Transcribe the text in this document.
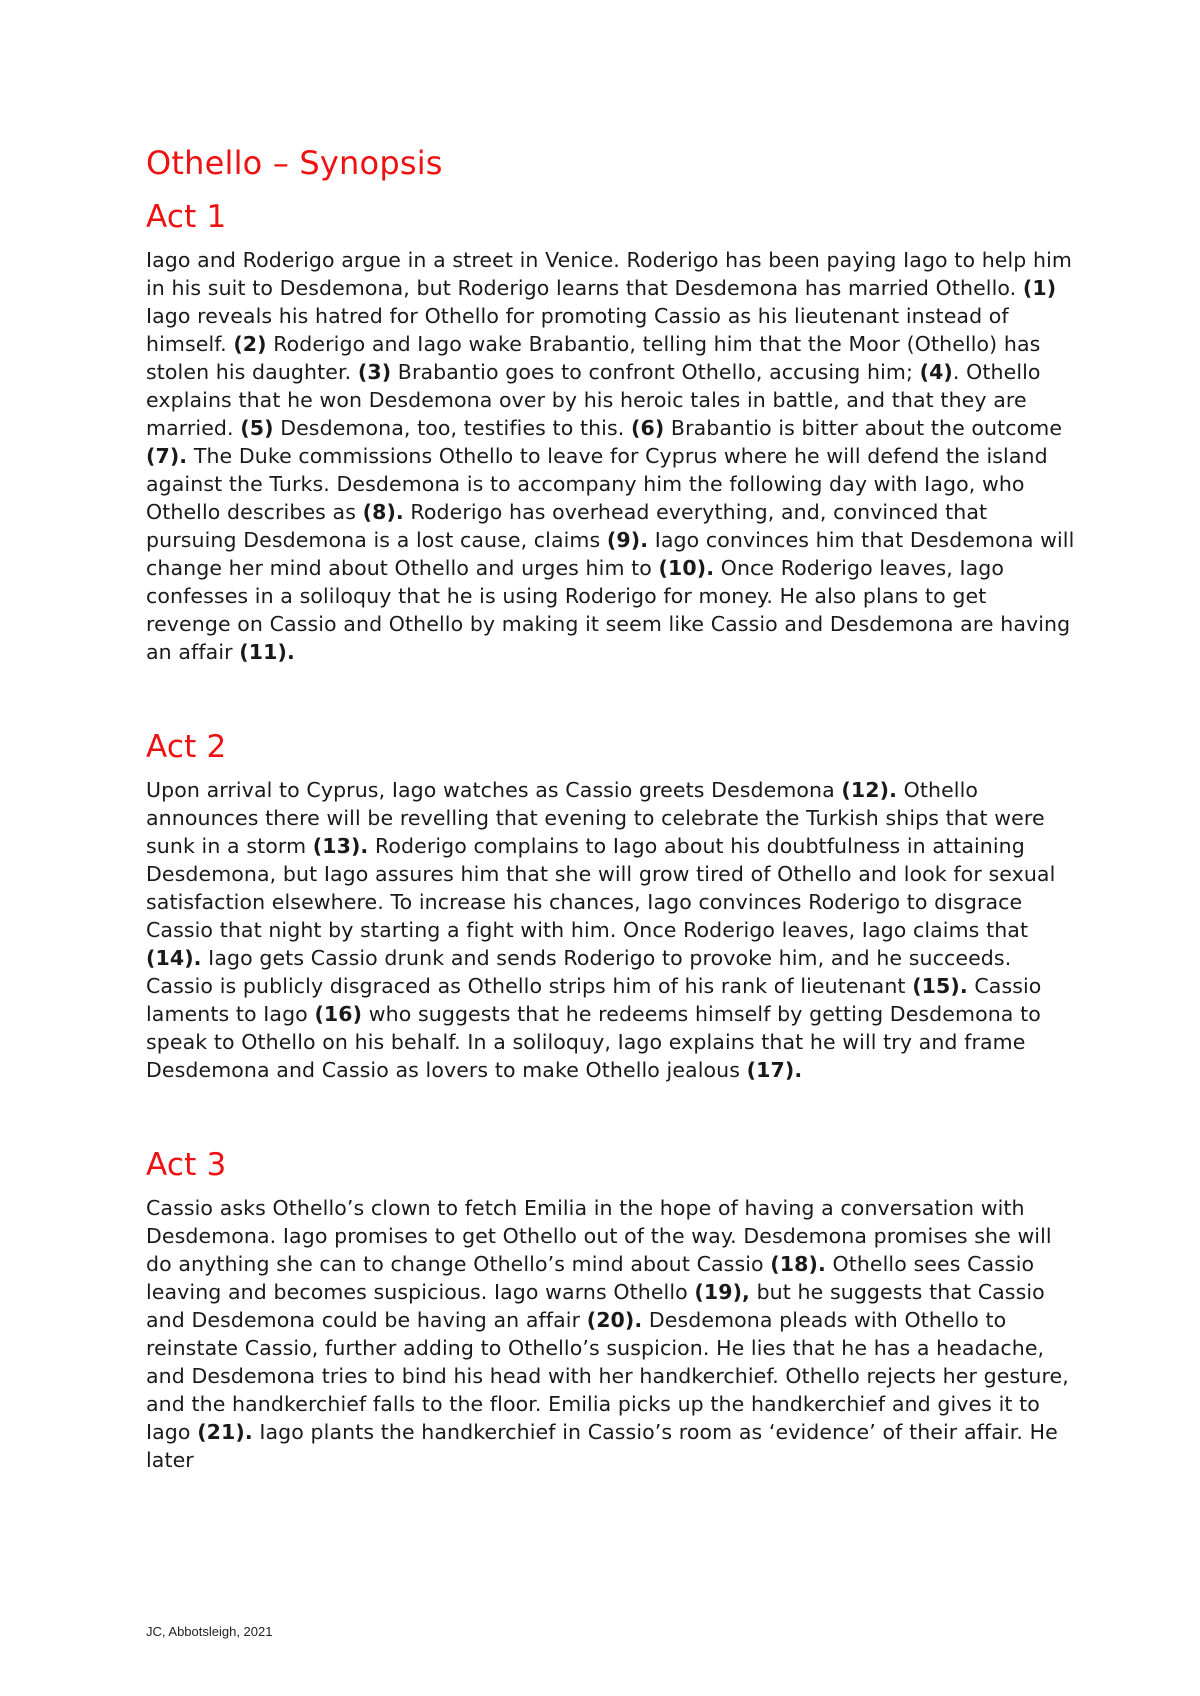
Othello – Synopsis
Act 1

Iago and Roderigo argue in a street in Venice. Roderigo has been paying Iago to help him in his suit to Desdemona, but Roderigo learns that Desdemona has married Othello. (1) Iago reveals his hatred for Othello for promoting Cassio as his lieutenant instead of himself. (2) Roderigo and Iago wake Brabantio, telling him that the Moor (Othello) has stolen his daughter. (3) Brabantio goes to confront Othello, accusing him; (4). Othello explains that he won Desdemona over by his heroic tales in battle, and that they are married. (5) Desdemona, too, testifies to this. (6) Brabantio is bitter about the outcome (7). The Duke commissions Othello to leave for Cyprus where he will defend the island against the Turks. Desdemona is to accompany him the following day with Iago, who Othello describes as (8). Roderigo has overhead everything, and, convinced that pursuing Desdemona is a lost cause, claims (9). Iago convinces him that Desdemona will change her mind about Othello and urges him to (10). Once Roderigo leaves, Iago confesses in a soliloquy that he is using Roderigo for money. He also plans to get revenge on Cassio and Othello by making it seem like Cassio and Desdemona are having an affair (11).

Act 2

Upon arrival to Cyprus, Iago watches as Cassio greets Desdemona (12). Othello announces there will be revelling that evening to celebrate the Turkish ships that were sunk in a storm (13). Roderigo complains to Iago about his doubtfulness in attaining Desdemona, but Iago assures him that she will grow tired of Othello and look for sexual satisfaction elsewhere. To increase his chances, Iago convinces Roderigo to disgrace Cassio that night by starting a fight with him. Once Roderigo leaves, Iago claims that (14). Iago gets Cassio drunk and sends Roderigo to provoke him, and he succeeds. Cassio is publicly disgraced as Othello strips him of his rank of lieutenant (15). Cassio laments to Iago (16) who suggests that he redeems himself by getting Desdemona to speak to Othello on his behalf. In a soliloquy, Iago explains that he will try and frame Desdemona and Cassio as lovers to make Othello jealous (17).

Act 3

Cassio asks Othello’s clown to fetch Emilia in the hope of having a conversation with Desdemona. Iago promises to get Othello out of the way. Desdemona promises she will do anything she can to change Othello’s mind about Cassio (18). Othello sees Cassio leaving and becomes suspicious. Iago warns Othello (19), but he suggests that Cassio and Desdemona could be having an affair (20). Desdemona pleads with Othello to reinstate Cassio, further adding to Othello’s suspicion. He lies that he has a headache, and Desdemona tries to bind his head with her handkerchief. Othello rejects her gesture, and the handkerchief falls to the floor. Emilia picks up the handkerchief and gives it to Iago (21). Iago plants the handkerchief in Cassio’s room as ‘evidence’ of their affair. He later

JC, Abbotsleigh, 2021
